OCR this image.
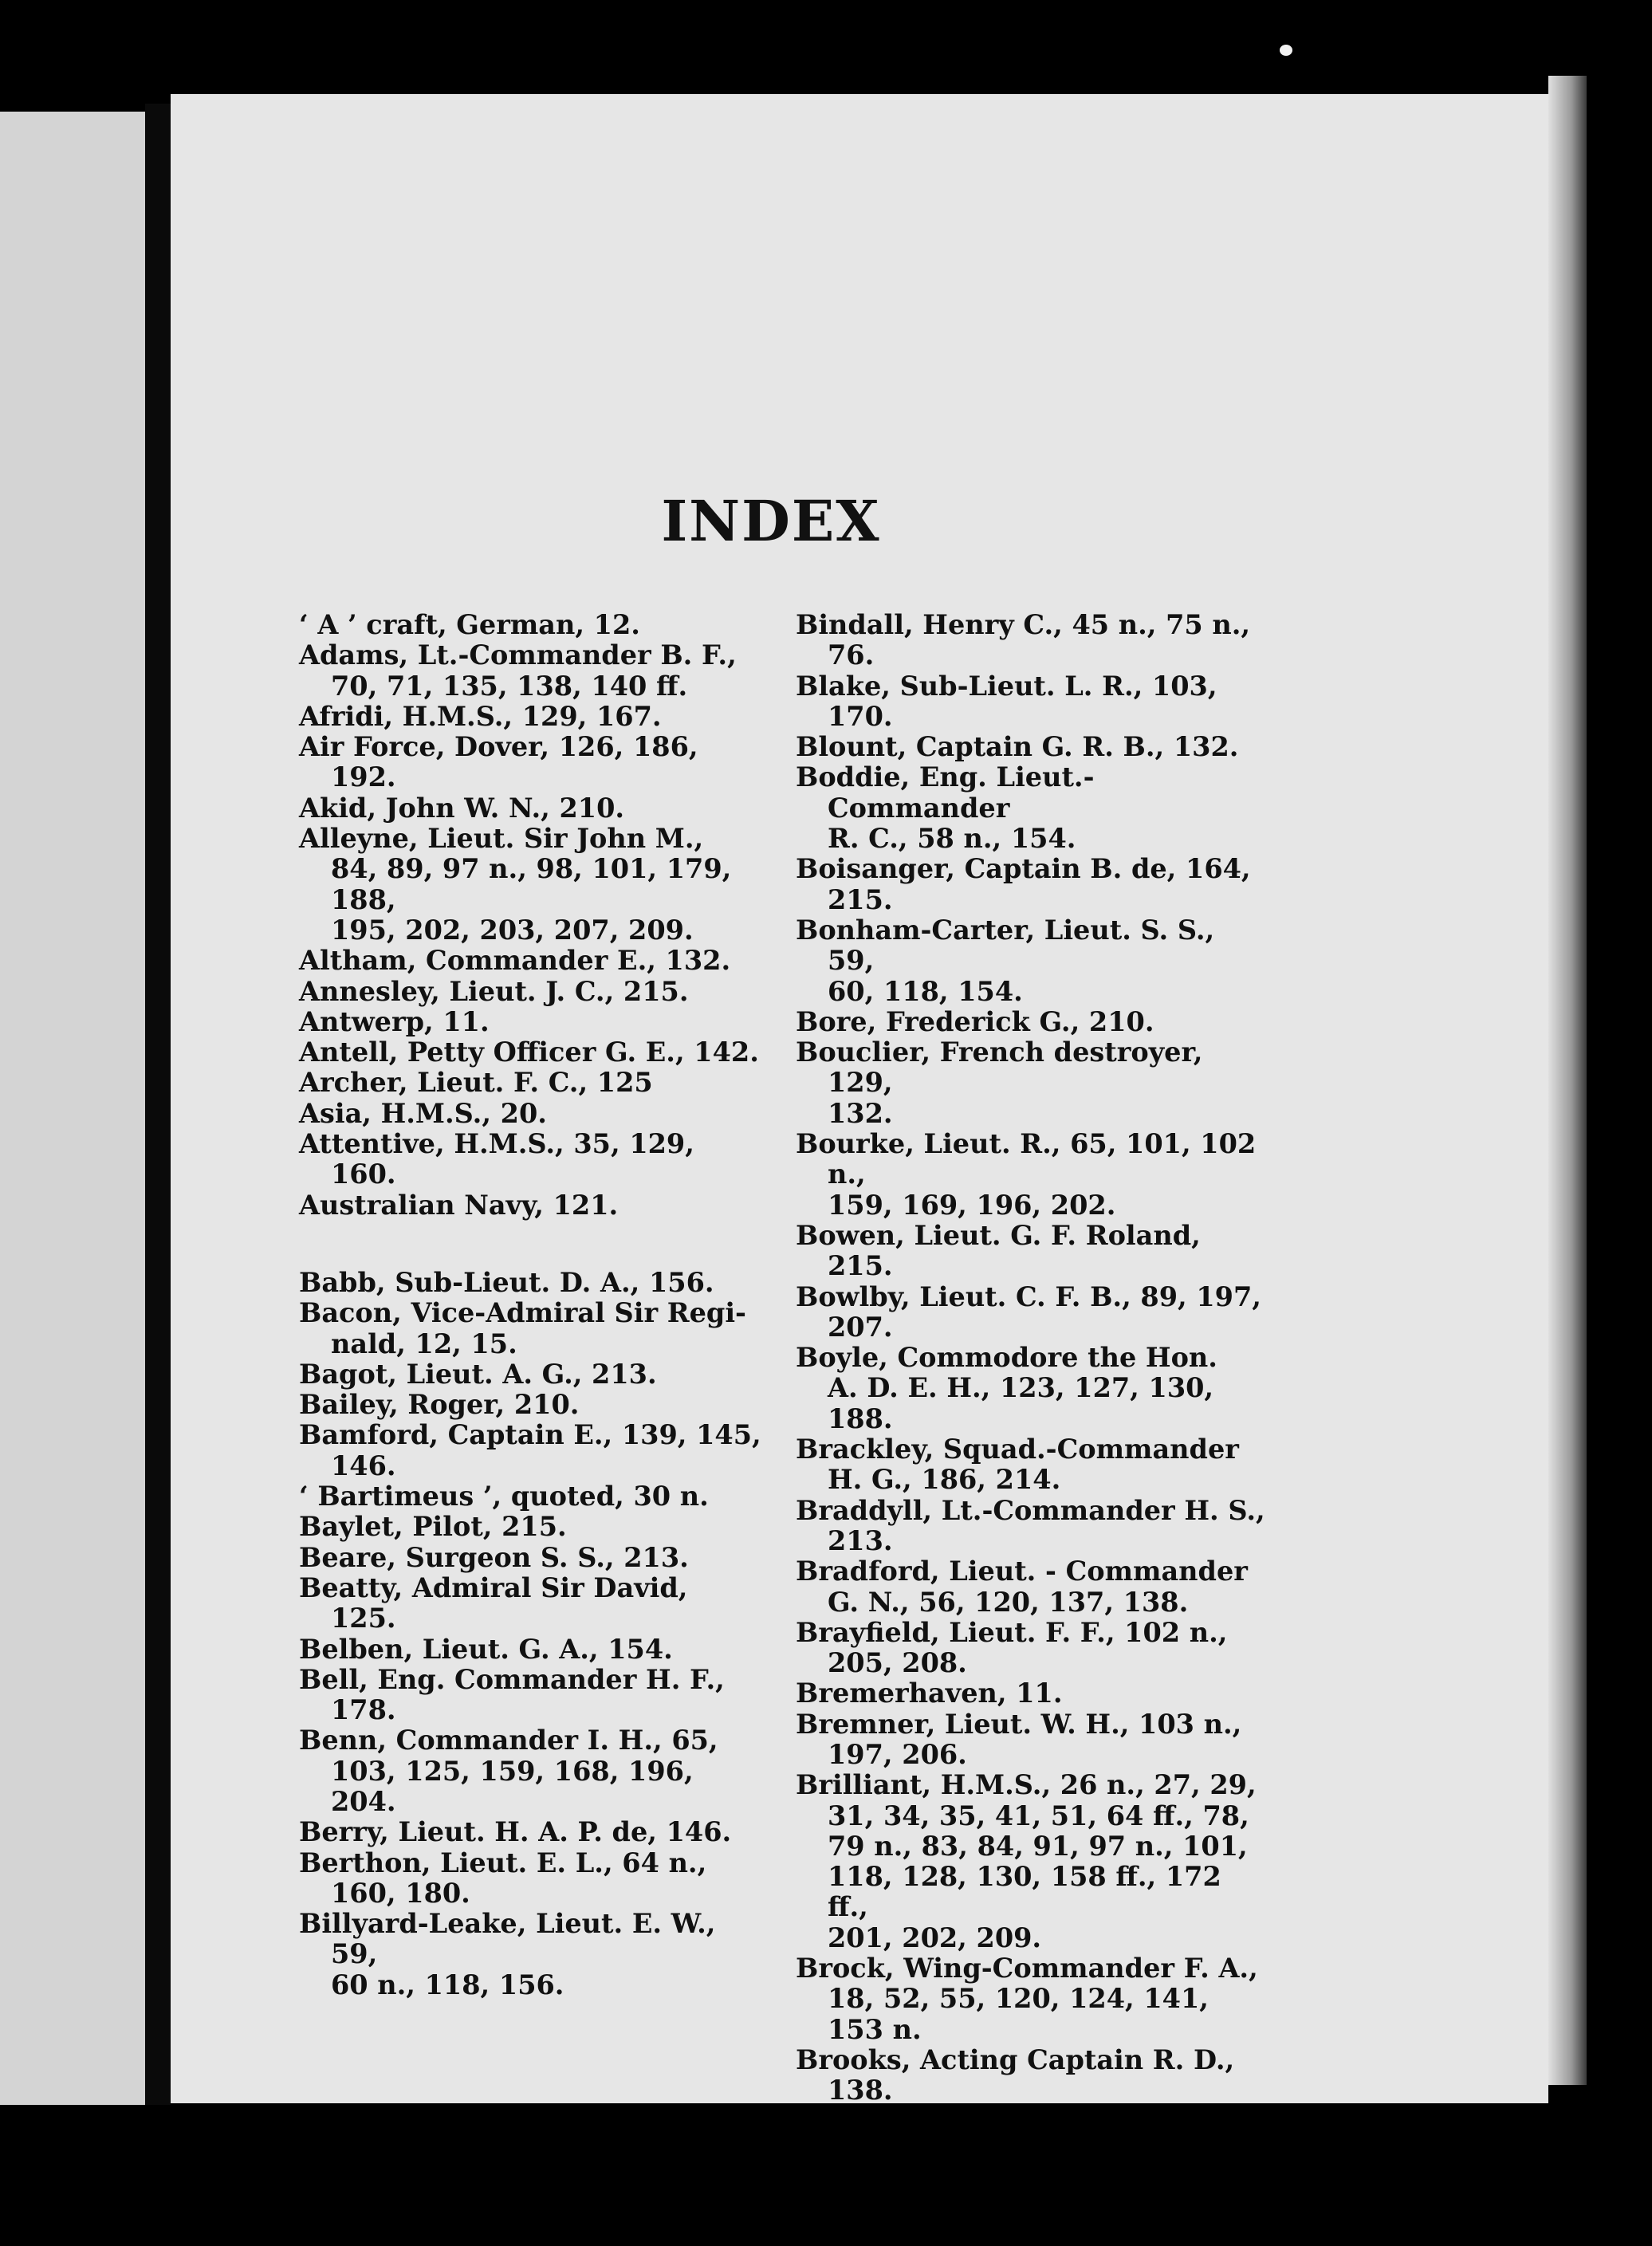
INDEX
‘ A ’ craft, German, 12.
Adams, Lt.-Commander B. F.,
70, 71, 135, 138, 140 ff.
Afridi, H.M.S., 129, 167.
Air Force, Dover, 126, 186, 192.
Akid, John W. N., 210.
Alleyne, Lieut. Sir John M.,
84, 89, 97 n., 98, 101, 179, 188,
195, 202, 203, 207, 209.
Altham, Commander E., 132.
Annesley, Lieut. J. C., 215.
Antwerp, 11.
Antell, Petty Officer G. E., 142.
Archer, Lieut. F. C., 125
Asia, H.M.S., 20.
Attentive, H.M.S., 35, 129,
160.
Australian Navy, 121.
Babb, Sub-Lieut. D. A., 156.
Bacon, Vice-Admiral Sir Regi-
nald, 12, 15.
Bagot, Lieut. A. G., 213.
Bailey, Roger, 210.
Bamford, Captain E., 139, 145,
146.
‘ Bartimeus ’, quoted, 30 n.
Baylet, Pilot, 215.
Beare, Surgeon S. S., 213.
Beatty, Admiral Sir David,
125.
Belben, Lieut. G. A., 154.
Bell, Eng. Commander H. F.,
178.
Benn, Commander I. H., 65,
103, 125, 159, 168, 196, 204.
Berry, Lieut. H. A. P. de, 146.
Berthon, Lieut. E. L., 64 n.,
160, 180.
Billyard-Leake, Lieut. E. W., 59,
60 n., 118, 156.
Bindall, Henry C., 45 n., 75 n.,
76.
Blake, Sub-Lieut. L. R., 103,
170.
Blount, Captain G. R. B., 132.
Boddie, Eng. Lieut.-Commander
R. C., 58 n., 154.
Boisanger, Captain B. de, 164,
215.
Bonham-Carter, Lieut. S. S., 59,
60, 118, 154.
Bore, Frederick G., 210.
Bouclier, French destroyer, 129,
132.
Bourke, Lieut. R., 65, 101, 102 n.,
159, 169, 196, 202.
Bowen, Lieut. G. F. Roland, 215.
Bowlby, Lieut. C. F. B., 89, 197,
207.
Boyle, Commodore the Hon.
A. D. E. H., 123, 127, 130, 188.
Brackley, Squad.-Commander
H. G., 186, 214.
Braddyll, Lt.-Commander H. S.,
213.
Bradford, Lieut. - Commander
G. N., 56, 120, 137, 138.
Brayfield, Lieut. F. F., 102 n.,
205, 208.
Bremerhaven, 11.
Bremner, Lieut. W. H., 103 n.,
197, 206.
Brilliant, H.M.S., 26 n., 27, 29,
31, 34, 35, 41, 51, 64 ff., 78,
79 n., 83, 84, 91, 97 n., 101,
118, 128, 130, 158 ff., 172 ff.,
201, 202, 209.
Brock, Wing-Commander F. A.,
18, 52, 55, 120, 124, 141, 153 n.
Brooks, Acting Captain R. D.,
138.
